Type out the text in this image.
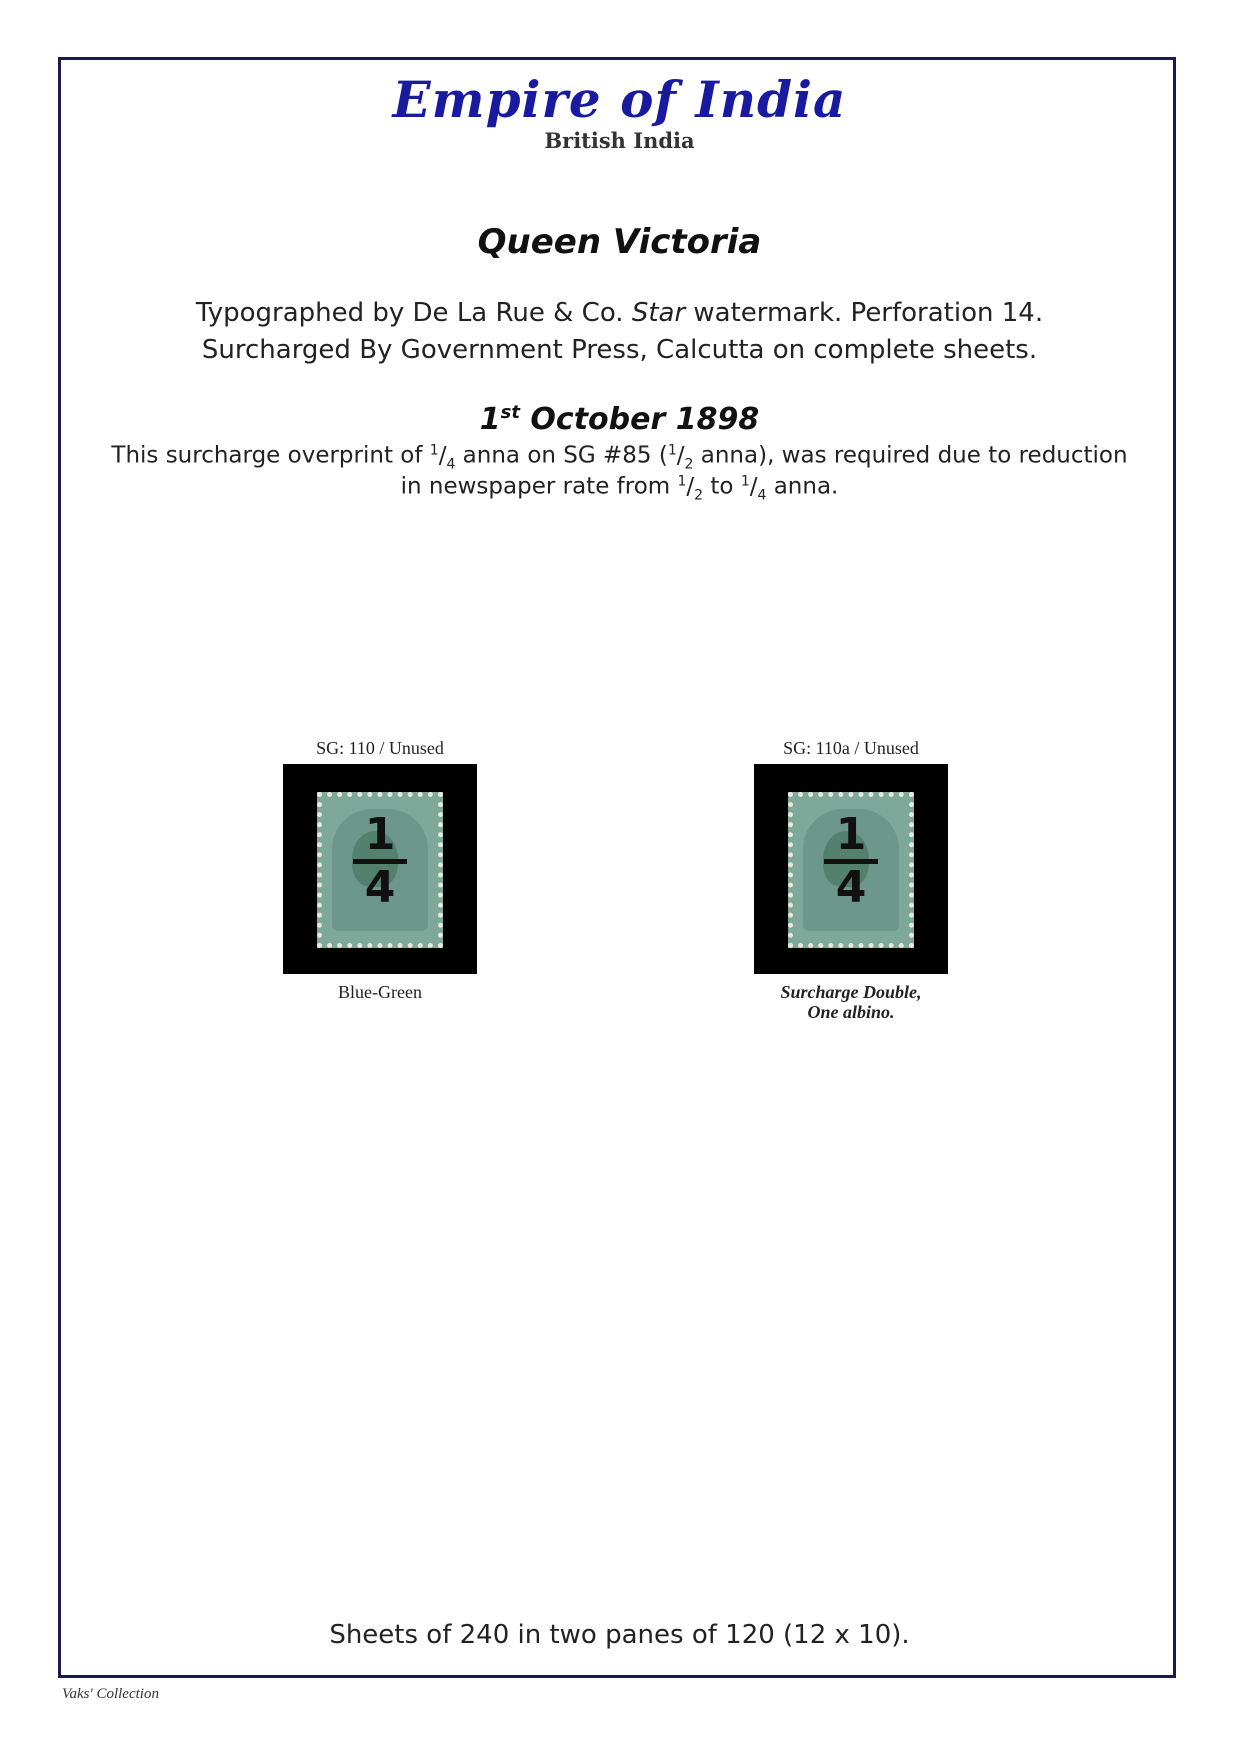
Empire of India
British India
Queen Victoria
Typographed by De La Rue & Co. Star watermark. Perforation 14.
Surcharged By Government Press, Calcutta on complete sheets.
1st October 1898
This surcharge overprint of $^1/_4$ anna on SG #85 ($^1/_2$ anna), was required due to reduction
in newspaper rate from $^1/_2$ to $^1/_4$ anna.
SG: 110 / Unused
1
4
Blue-Green
SG: 110a / Unused
1
4
Surcharge Double,
One albino.
Sheets of 240 in two panes of 120 (12 x 10).
Vaks' Collection
